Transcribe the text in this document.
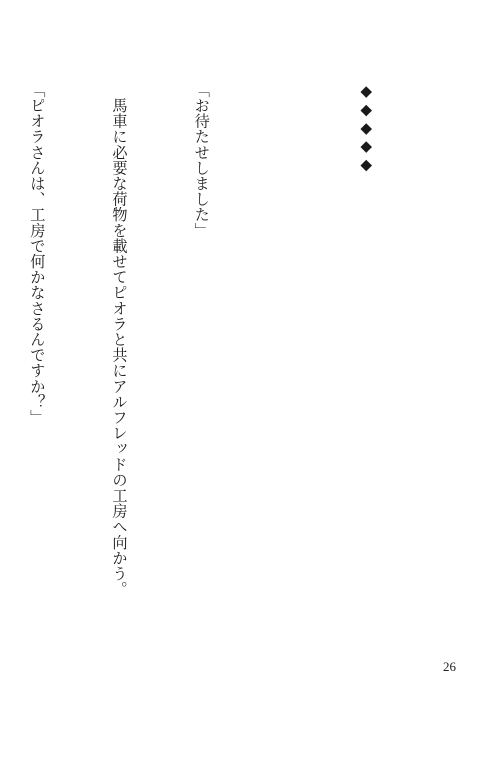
◆◆◆◆◆

「お待たせしました」

　馬車に必要な荷物を載せてピオラと共にアルフレッドの工房へ向かう。

「ピオラさんは、工房で何かなさるんですか？」

26
